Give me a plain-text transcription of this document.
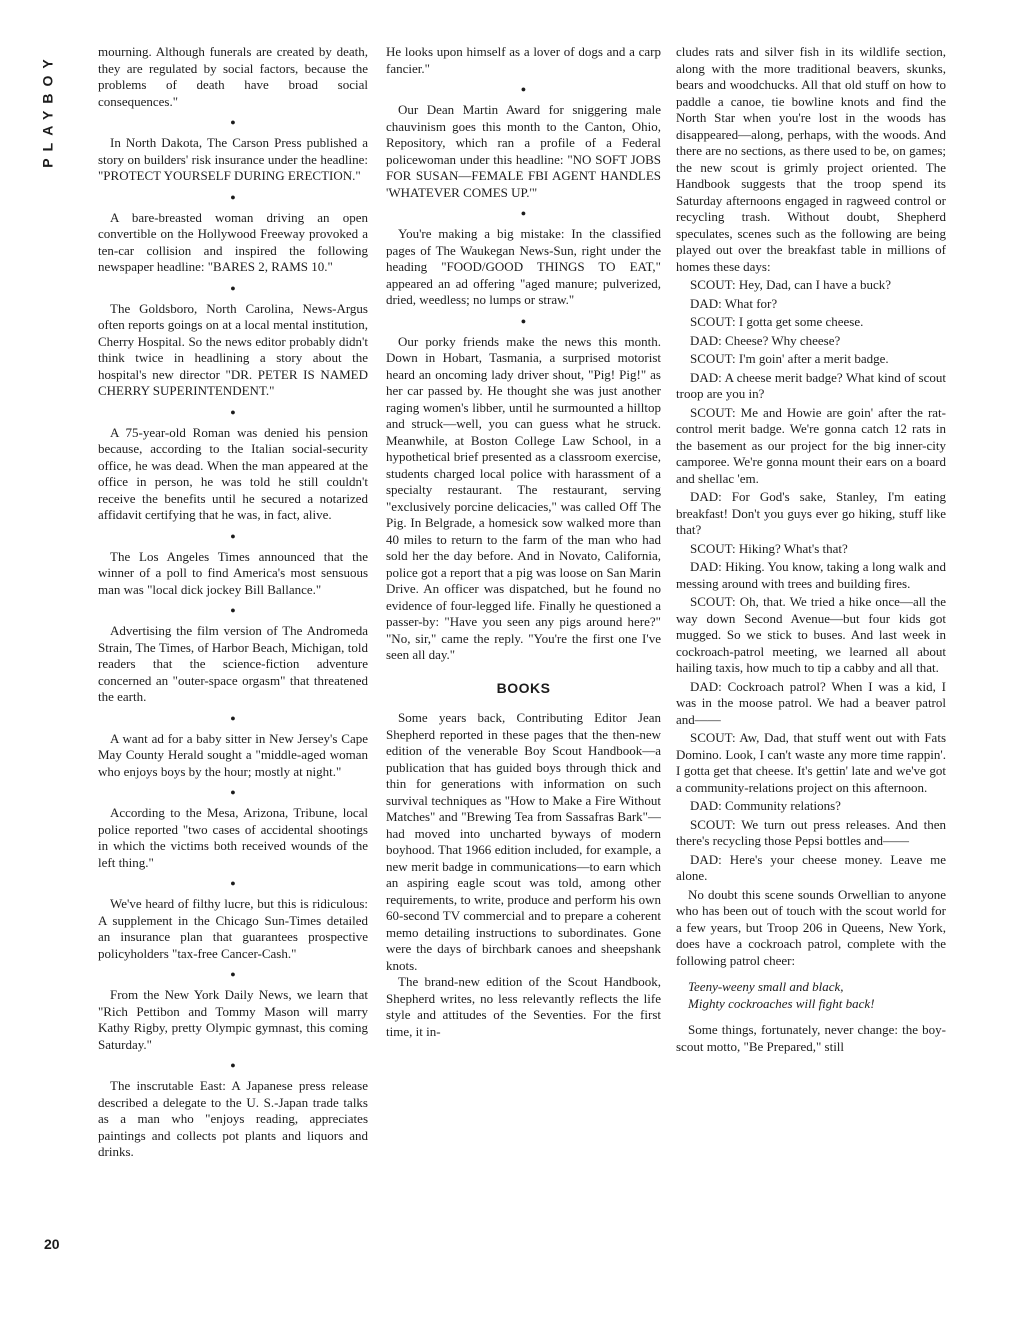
PLAYBOY
20

mourning. Although funerals are created by death, they are regulated by social factors, because the problems of death have broad social consequences."

●

In North Dakota, The Carson Press published a story on builders' risk insurance under the headline: "PROTECT YOURSELF DURING ERECTION."

●

A bare-breasted woman driving an open convertible on the Hollywood Freeway provoked a ten-car collision and inspired the following newspaper headline: "BARES 2, RAMS 10."

●

The Goldsboro, North Carolina, News-Argus often reports goings on at a local mental institution, Cherry Hospital. So the news editor probably didn't think twice in headlining a story about the hospital's new director "DR. PETER IS NAMED CHERRY SUPERINTENDENT."

●

A 75-year-old Roman was denied his pension because, according to the Italian social-security office, he was dead. When the man appeared at the office in person, he was told he still couldn't receive the benefits until he secured a notarized affidavit certifying that he was, in fact, alive.

●

The Los Angeles Times announced that the winner of a poll to find America's most sensuous man was "local dick jockey Bill Ballance."

●

Advertising the film version of The Andromeda Strain, The Times, of Harbor Beach, Michigan, told readers that the science-fiction adventure concerned an "outer-space orgasm" that threatened the earth.

●

A want ad for a baby sitter in New Jersey's Cape May County Herald sought a "middle-aged woman who enjoys boys by the hour; mostly at night."

●

According to the Mesa, Arizona, Tribune, local police reported "two cases of accidental shootings in which the victims both received wounds of the left thing."

●

We've heard of filthy lucre, but this is ridiculous: A supplement in the Chicago Sun-Times detailed an insurance plan that guarantees prospective policyholders "tax-free Cancer-Cash."

●

From the New York Daily News, we learn that "Rich Pettibon and Tommy Mason will marry Kathy Rigby, pretty Olympic gymnast, this coming Saturday."

●

The inscrutable East: A Japanese press release described a delegate to the U. S.-Japan trade talks as a man who "enjoys reading, appreciates paintings and collects pot plants and liquors and drinks.

He looks upon himself as a lover of dogs and a carp fancier."

●

Our Dean Martin Award for sniggering male chauvinism goes this month to the Canton, Ohio, Repository, which ran a profile of a Federal policewoman under this headline: "NO SOFT JOBS FOR SUSAN—FEMALE FBI AGENT HANDLES 'WHATEVER COMES UP.'"

●

You're making a big mistake: In the classified pages of The Waukegan News-Sun, right under the heading "FOOD/GOOD THINGS TO EAT," appeared an ad offering "aged manure; pulverized, dried, weedless; no lumps or straw."

●

Our porky friends make the news this month. Down in Hobart, Tasmania, a surprised motorist heard an oncoming lady driver shout, "Pig! Pig!" as her car passed by. He thought she was just another raging women's libber, until he surmounted a hilltop and struck—well, you can guess what he struck. Meanwhile, at Boston College Law School, in a hypothetical brief presented as a classroom exercise, students charged local police with harassment of a specialty restaurant. The restaurant, serving "exclusively porcine delicacies," was called Off The Pig. In Belgrade, a homesick sow walked more than 40 miles to return to the farm of the man who had sold her the day before. And in Novato, California, police got a report that a pig was loose on San Marin Drive. An officer was dispatched, but he found no evidence of four-legged life. Finally he questioned a passer-by: "Have you seen any pigs around here?" "No, sir," came the reply. "You're the first one I've seen all day."

BOOKS

Some years back, Contributing Editor Jean Shepherd reported in these pages that the then-new edition of the venerable Boy Scout Handbook—a publication that has guided boys through thick and thin for generations with information on such survival techniques as "How to Make a Fire Without Matches" and "Brewing Tea from Sassafras Bark"—had moved into uncharted byways of modern boyhood. That 1966 edition included, for example, a new merit badge in communications—to earn which an aspiring eagle scout was told, among other requirements, to write, produce and perform his own 60-second TV commercial and to prepare a coherent memo detailing instructions to subordinates. Gone were the days of birchbark canoes and sheepshank knots.

The brand-new edition of the Scout Handbook, Shepherd writes, no less relevantly reflects the life style and attitudes of the Seventies. For the first time, it in-

cludes rats and silver fish in its wildlife section, along with the more traditional beavers, skunks, bears and woodchucks. All that old stuff on how to paddle a canoe, tie bowline knots and find the North Star when you're lost in the woods has disappeared—along, perhaps, with the woods. And there are no sections, as there used to be, on games; the new scout is grimly project oriented. The Handbook suggests that the troop spend its Saturday afternoons engaged in ragweed control or recycling trash. Without doubt, Shepherd speculates, scenes such as the following are being played out over the breakfast table in millions of homes these days:

SCOUT: Hey, Dad, can I have a buck?

DAD: What for?

SCOUT: I gotta get some cheese.

DAD: Cheese? Why cheese?

SCOUT: I'm goin' after a merit badge.

DAD: A cheese merit badge? What kind of scout troop are you in?

SCOUT: Me and Howie are goin' after the rat-control merit badge. We're gonna catch 12 rats in the basement as our project for the big inner-city camporee. We're gonna mount their ears on a board and shellac 'em.

DAD: For God's sake, Stanley, I'm eating breakfast! Don't you guys ever go hiking, stuff like that?

SCOUT: Hiking? What's that?

DAD: Hiking. You know, taking a long walk and messing around with trees and building fires.

SCOUT: Oh, that. We tried a hike once—all the way down Second Avenue—but four kids got mugged. So we stick to buses. And last week in cockroach-patrol meeting, we learned all about hailing taxis, how much to tip a cabby and all that.

DAD: Cockroach patrol? When I was a kid, I was in the moose patrol. We had a beaver patrol and——

SCOUT: Aw, Dad, that stuff went out with Fats Domino. Look, I can't waste any more time rappin'. I gotta get that cheese. It's gettin' late and we've got a community-relations project on this afternoon.

DAD: Community relations?

SCOUT: We turn out press releases. And then there's recycling those Pepsi bottles and——

DAD: Here's your cheese money. Leave me alone.

No doubt this scene sounds Orwellian to anyone who has been out of touch with the scout world for a few years, but Troop 206 in Queens, New York, does have a cockroach patrol, complete with the following patrol cheer:

Teeny-weeny small and black,
Mighty cockroaches will fight back!

Some things, fortunately, never change: the boy-scout motto, "Be Prepared," still
